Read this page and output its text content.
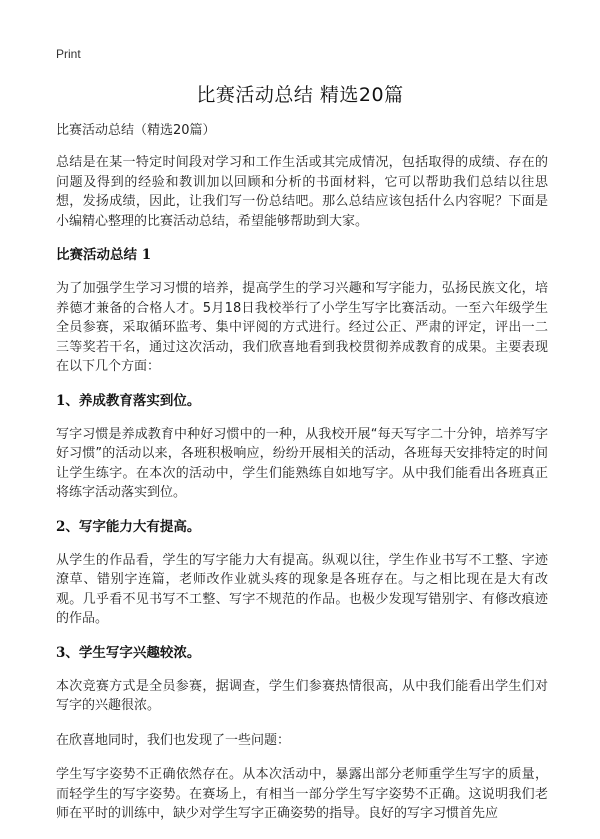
Print
比赛活动总结 精选20篇

比赛活动总结（精选20篇）

总结是在某一特定时间段对学习和工作生活或其完成情况，包括取得的成绩、存在的问题及得到的经验和教训加以回顾和分析的书面材料，它可以帮助我们总结以往思想，发扬成绩，因此，让我们写一份总结吧。那么总结应该包括什么内容呢？下面是小编精心整理的比赛活动总结，希望能够帮助到大家。

比赛活动总结 1

为了加强学生学习习惯的培养，提高学生的学习兴趣和写字能力，弘扬民族文化，培养德才兼备的合格人才。5月18日我校举行了小学生写字比赛活动。一至六年级学生全员参赛，采取循环监考、集中评阅的方式进行。经过公正、严肃的评定，评出一二三等奖若干名，通过这次活动，我们欣喜地看到我校贯彻养成教育的成果。主要表现在以下几个方面：

1、养成教育落实到位。

写字习惯是养成教育中种好习惯中的一种，从我校开展“每天写字二十分钟，培养写字好习惯”的活动以来，各班积极响应，纷纷开展相关的活动，各班每天安排特定的时间让学生练字。在本次的活动中，学生们能熟练自如地写字。从中我们能看出各班真正将练字活动落实到位。

2、写字能力大有提高。

从学生的作品看，学生的写字能力大有提高。纵观以往，学生作业书写不工整、字迹潦草、错别字连篇，老师改作业就头疼的现象是各班存在。与之相比现在是大有改观。几乎看不见书写不工整、写字不规范的作品。也极少发现写错别字、有修改痕迹的作品。

3、学生写字兴趣较浓。

本次竞赛方式是全员参赛，据调查，学生们参赛热情很高，从中我们能看出学生们对写字的兴趣很浓。

在欣喜地同时，我们也发现了一些问题：

学生写字姿势不正确依然存在。从本次活动中，暴露出部分老师重学生写字的质量，而轻学生的写字姿势。在赛场上，有相当一部分学生写字姿势不正确。这说明我们老师在平时的训练中，缺少对学生写字正确姿势的指导。良好的写字习惯首先应
